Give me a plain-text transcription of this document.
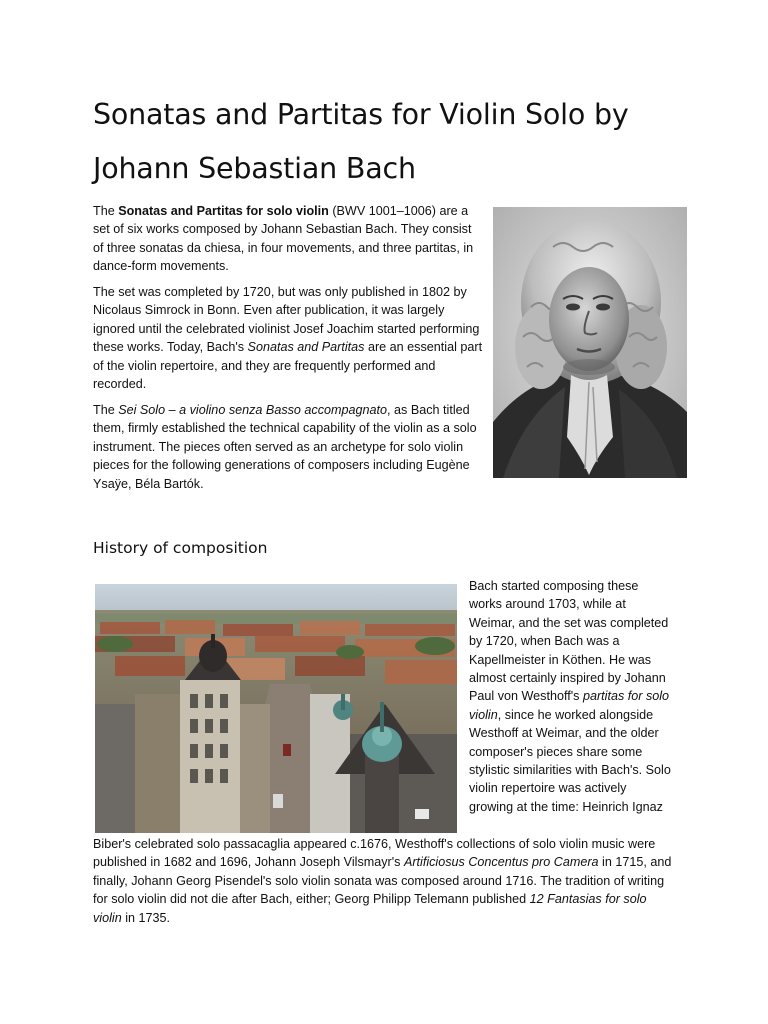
Sonatas and Partitas for Violin Solo by Johann Sebastian Bach

The Sonatas and Partitas for solo violin (BWV 1001–1006) are a set of six works composed by Johann Sebastian Bach. They consist of three sonatas da chiesa, in four movements, and three partitas, in dance-form movements.

The set was completed by 1720, but was only published in 1802 by Nicolaus Simrock in Bonn. Even after publication, it was largely ignored until the celebrated violinist Josef Joachim started performing these works. Today, Bach's Sonatas and Partitas are an essential part of the violin repertoire, and they are frequently performed and recorded.

The Sei Solo – a violino senza Basso accompagnato, as Bach titled them, firmly established the technical capability of the violin as a solo instrument. The pieces often served as an archetype for solo violin pieces for the following generations of composers including Eugène Ysaÿe, Béla Bartók.

History of composition

Bach started composing these works around 1703, while at Weimar, and the set was completed by 1720, when Bach was a Kapellmeister in Köthen. He was almost certainly inspired by Johann Paul von Westhoff's partitas for solo violin, since he worked alongside Westhoff at Weimar, and the older composer's pieces share some stylistic similarities with Bach's. Solo violin repertoire was actively growing at the time: Heinrich Ignaz

Biber's celebrated solo passacaglia appeared c.1676, Westhoff's collections of solo violin music were published in 1682 and 1696, Johann Joseph Vilsmayr's Artificiosus Concentus pro Camera in 1715, and finally, Johann Georg Pisendel's solo violin sonata was composed around 1716. The tradition of writing for solo violin did not die after Bach, either; Georg Philipp Telemann published 12 Fantasias for solo violin in 1735.
